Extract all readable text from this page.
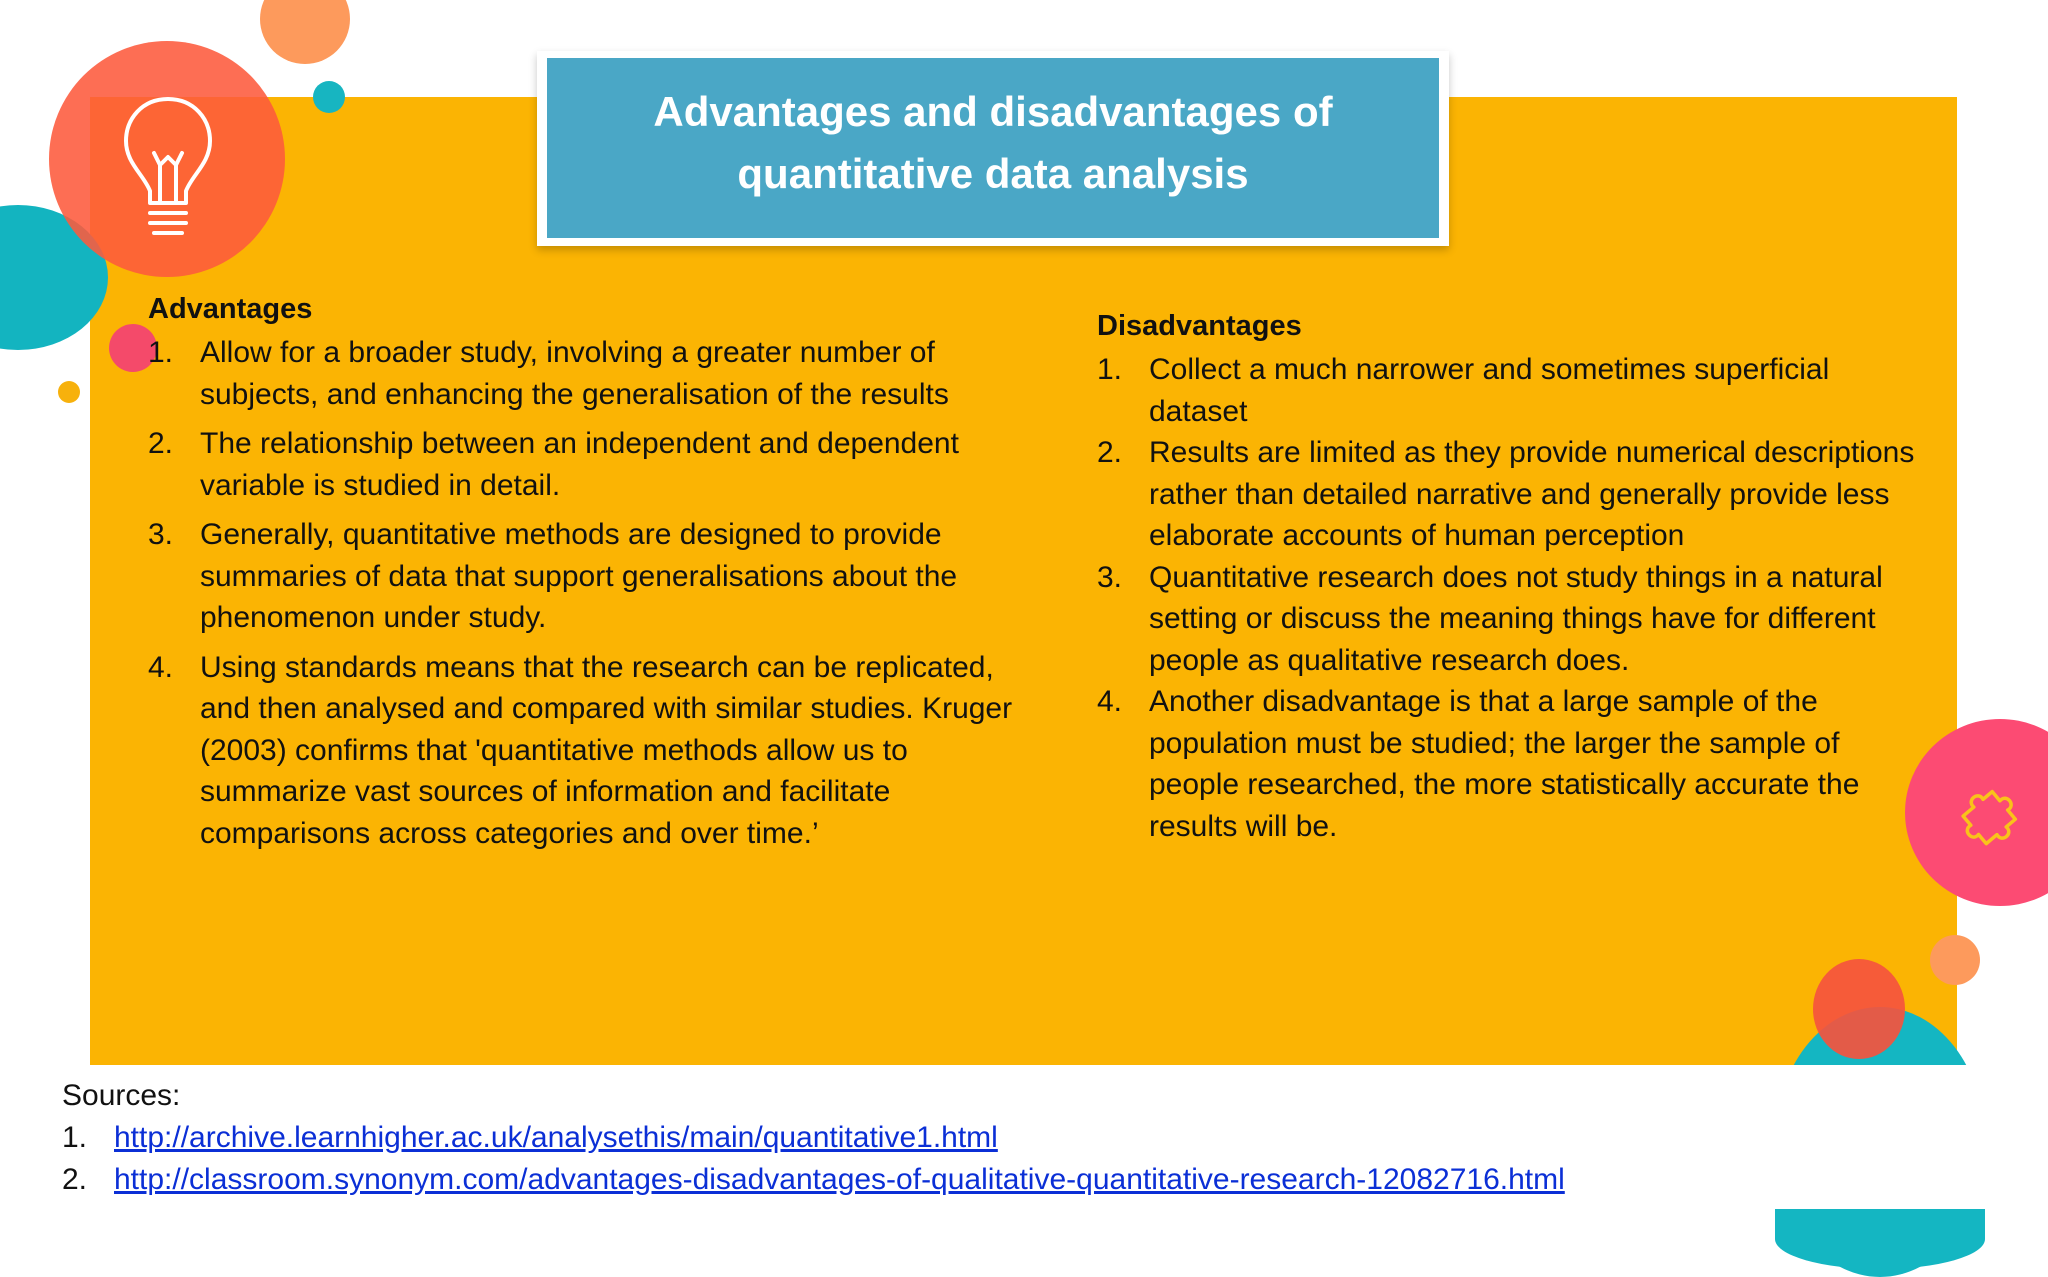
Advantages and disadvantages of
quantitative data analysis
Advantages
1. Allow for a broader study, involving a greater number of subjects, and enhancing the generalisation of the results
2. The relationship between an independent and dependent variable is studied in detail.
3. Generally, quantitative methods are designed to provide summaries of data that support generalisations about the phenomenon under study.
4. Using standards means that the research can be replicated, and then analysed and compared with similar studies. Kruger (2003) confirms that 'quantitative methods allow us to summarize vast sources of information and facilitate comparisons across categories and over time.’
Disadvantages
1. Collect a much narrower and sometimes superficial dataset
2. Results are limited as they provide numerical descriptions rather than detailed narrative and generally provide less elaborate accounts of human perception
3. Quantitative research does not study things in a natural setting or discuss the meaning things have for different people as qualitative research does.
4. Another disadvantage is that a large sample of the population must be studied; the larger the sample of people researched, the more statistically accurate the results will be.
Sources:
1. http://archive.learnhigher.ac.uk/analysethis/main/quantitative1.html
2. http://classroom.synonym.com/advantages-disadvantages-of-qualitative-quantitative-research-12082716.html
